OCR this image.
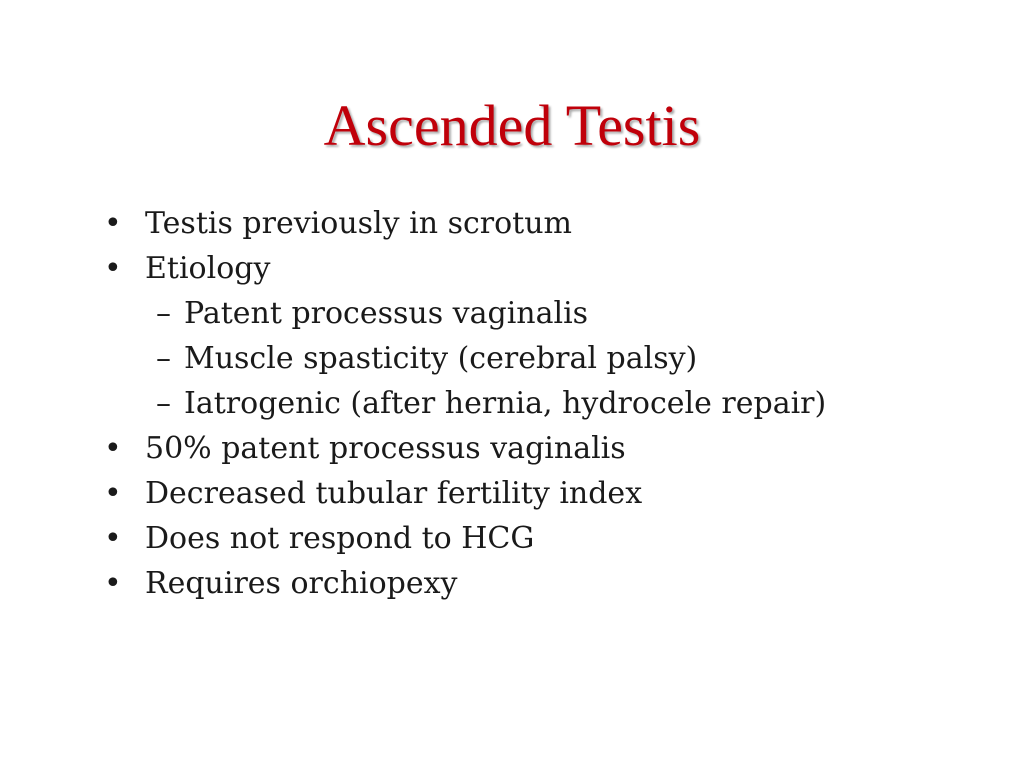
Ascended Testis
• Testis previously in scrotum
• Etiology
– Patent processus vaginalis
– Muscle spasticity (cerebral palsy)
– Iatrogenic (after hernia, hydrocele repair)
• 50% patent processus vaginalis
• Decreased tubular fertility index
• Does not respond to HCG
• Requires orchiopexy
